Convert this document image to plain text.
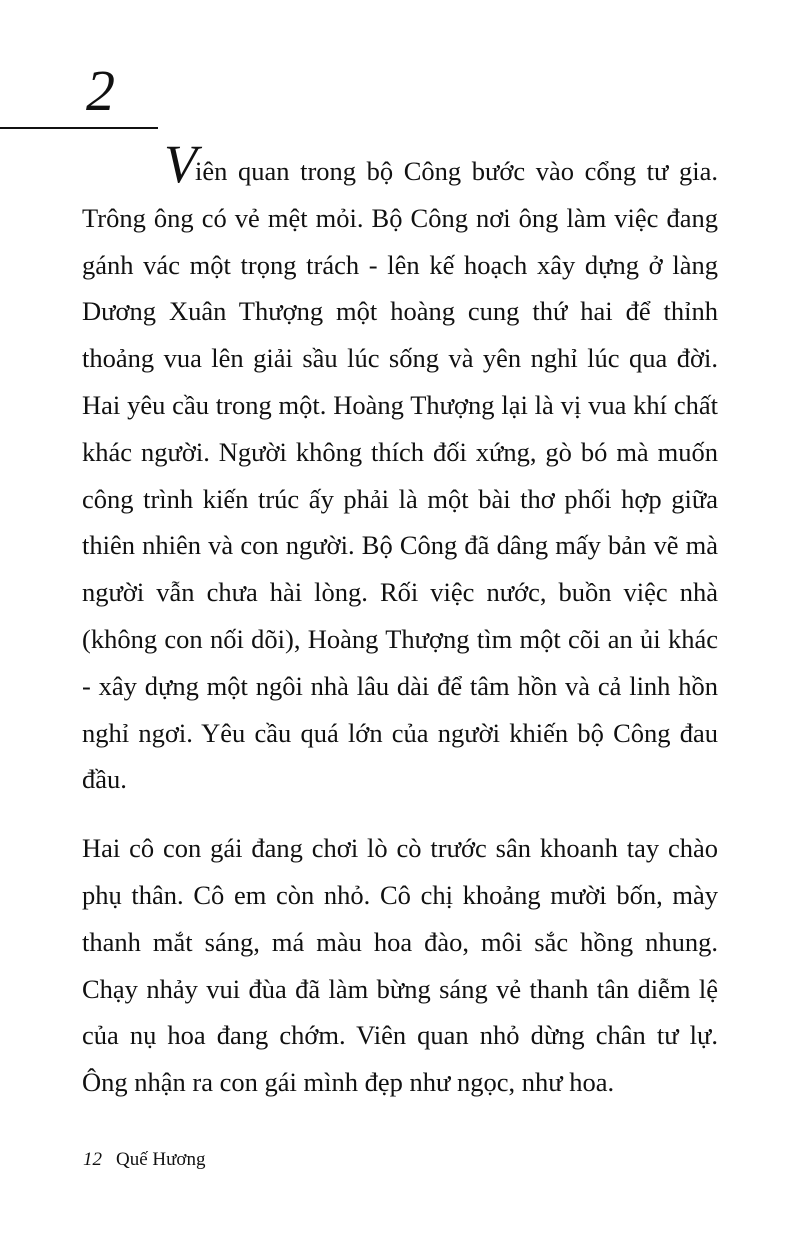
2

Viên quan trong bộ Công bước vào cổng tư gia. Trông ông có vẻ mệt mỏi. Bộ Công nơi ông làm việc đang gánh vác một trọng trách - lên kế hoạch xây dựng ở làng Dương Xuân Thượng một hoàng cung thứ hai để thỉnh thoảng vua lên giải sầu lúc sống và yên nghỉ lúc qua đời. Hai yêu cầu trong một. Hoàng Thượng lại là vị vua khí chất khác người. Người không thích đối xứng, gò bó mà muốn công trình kiến trúc ấy phải là một bài thơ phối hợp giữa thiên nhiên và con người. Bộ Công đã dâng mấy bản vẽ mà người vẫn chưa hài lòng. Rối việc nước, buồn việc nhà (không con nối dõi), Hoàng Thượng tìm một cõi an ủi khác - xây dựng một ngôi nhà lâu dài để tâm hồn và cả linh hồn nghỉ ngơi. Yêu cầu quá lớn của người khiến bộ Công đau đầu.

Hai cô con gái đang chơi lò cò trước sân khoanh tay chào phụ thân. Cô em còn nhỏ. Cô chị khoảng mười bốn, mày thanh mắt sáng, má màu hoa đào, môi sắc hồng nhung. Chạy nhảy vui đùa đã làm bừng sáng vẻ thanh tân diễm lệ của nụ hoa đang chớm. Viên quan nhỏ dừng chân tư lự. Ông nhận ra con gái mình đẹp như ngọc, như hoa.

12 Quế Hương
